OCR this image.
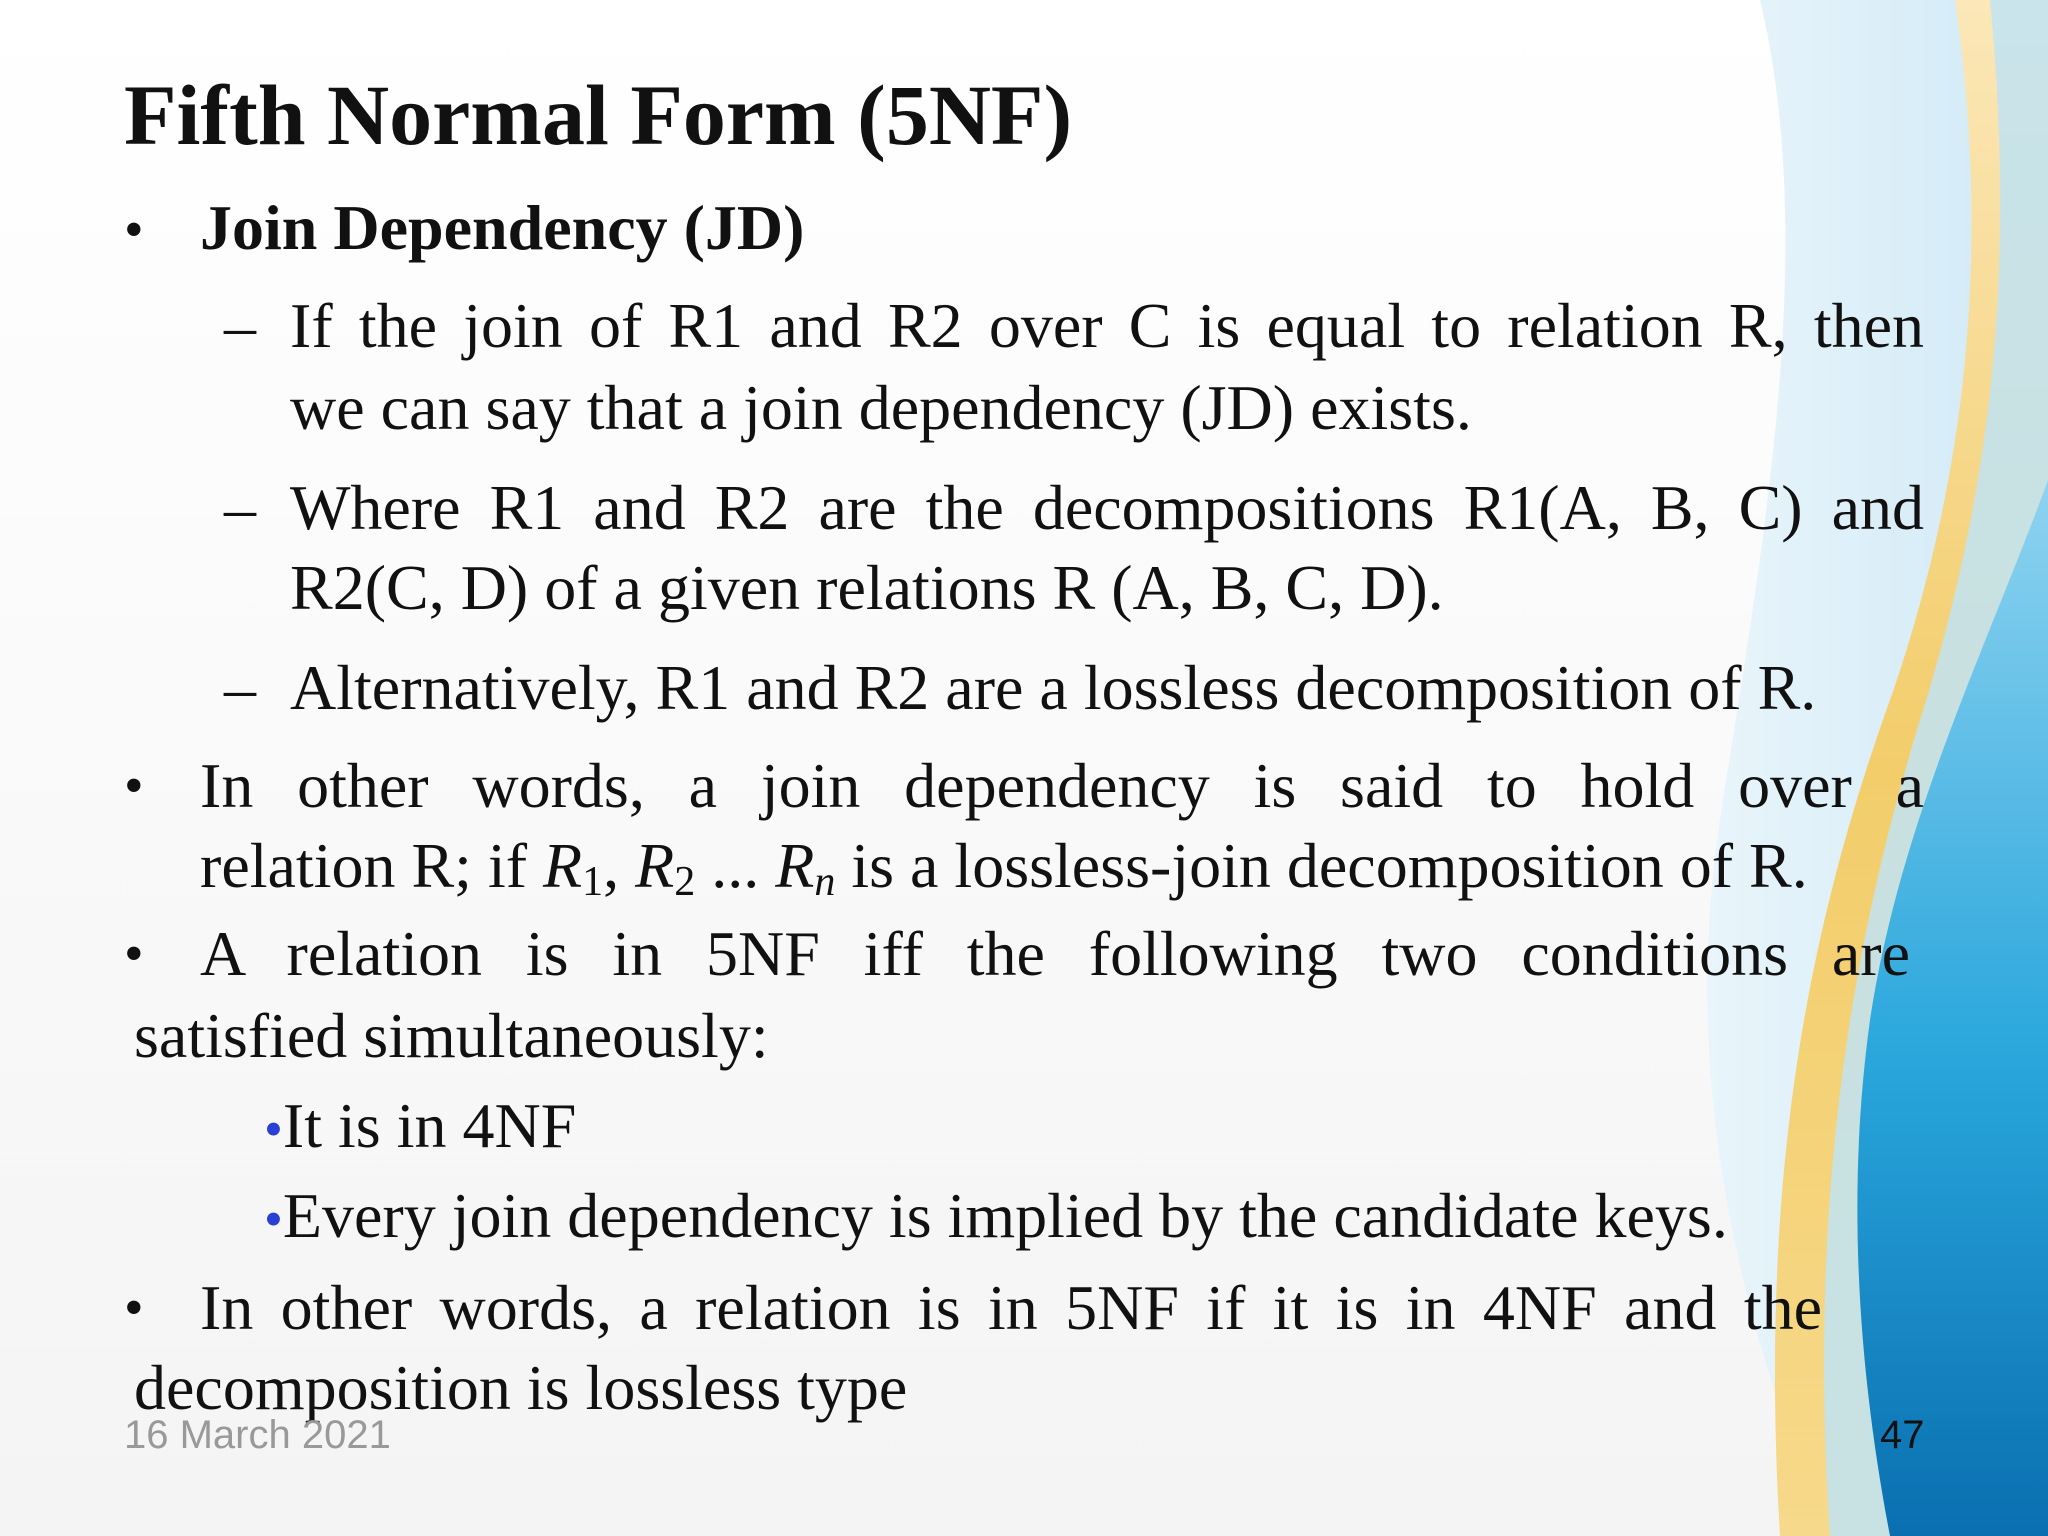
Fifth Normal Form (5NF)
• Join Dependency (JD)
– If the join of R1 and R2 over C is equal to relation R, then
we can say that a join dependency (JD) exists.
– Where R1 and R2 are the decompositions R1(A, B, C) and
R2(C, D) of a given relations R (A, B, C, D).
– Alternatively, R1 and R2 are a lossless decomposition of R.
• In other words, a join dependency is said to hold over a
relation R; if R1, R2 ... Rn is a lossless-join decomposition of R.
• A relation is in 5NF iff the following two conditions are
satisfied simultaneously:
•It is in 4NF
•Every join dependency is implied by the candidate keys.
• In other words, a relation is in 5NF if it is in 4NF and the
decomposition is lossless type
16 March 2021	47
